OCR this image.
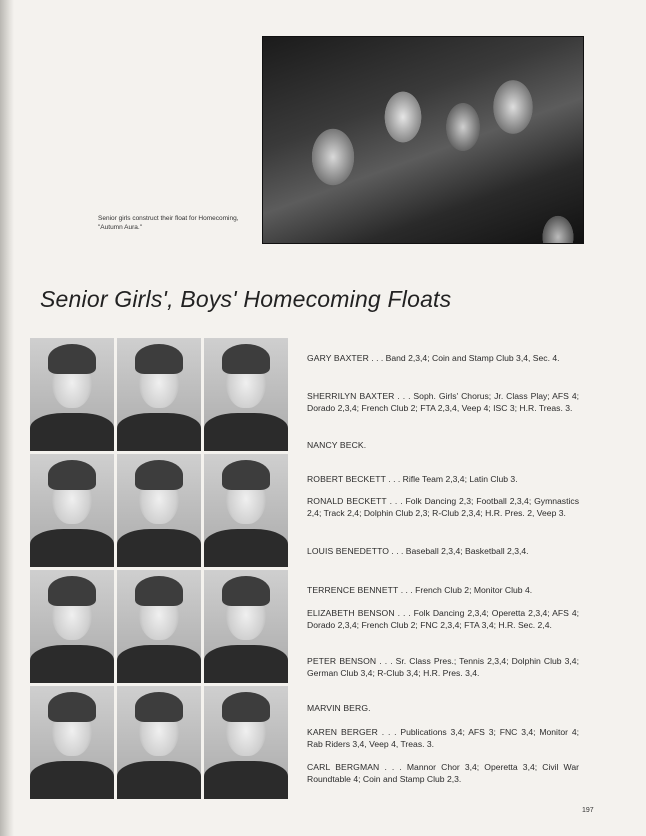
Senior girls construct their float for Homecoming, "Autumn Aura."
Senior Girls', Boys' Homecoming Floats

GARY BAXTER . . . Band 2,3,4; Coin and Stamp Club 3,4, Sec. 4.

SHERRILYN BAXTER . . . Soph. Girls' Chorus; Jr. Class Play; AFS 4; Dorado 2,3,4; French Club 2; FTA 2,3,4, Veep 4; ISC 3; H.R. Treas. 3.

NANCY BECK.

ROBERT BECKETT . . . Rifle Team 2,3,4; Latin Club 3.

RONALD BECKETT . . . Folk Dancing 2,3; Football 2,3,4; Gymnastics 2,4; Track 2,4; Dolphin Club 2,3; R-Club 2,3,4; H.R. Pres. 2, Veep 3.

LOUIS BENEDETTO . . . Baseball 2,3,4; Basketball 2,3,4.

TERRENCE BENNETT . . . French Club 2; Monitor Club 4.

ELIZABETH BENSON . . . Folk Dancing 2,3,4; Operetta 2,3,4; AFS 4; Dorado 2,3,4; French Club 2; FNC 2,3,4; FTA 3,4; H.R. Sec. 2,4.

PETER BENSON . . . Sr. Class Pres.; Tennis 2,3,4; Dolphin Club 3,4; German Club 3,4; R-Club 3,4; H.R. Pres. 3,4.

MARVIN BERG.

KAREN BERGER . . . Publications 3,4; AFS 3; FNC 3,4; Monitor 4; Rab Riders 3,4, Veep 4, Treas. 3.

CARL BERGMAN . . . Mannor Chor 3,4; Operetta 3,4; Civil War Roundtable 4; Coin and Stamp Club 2,3.

197
